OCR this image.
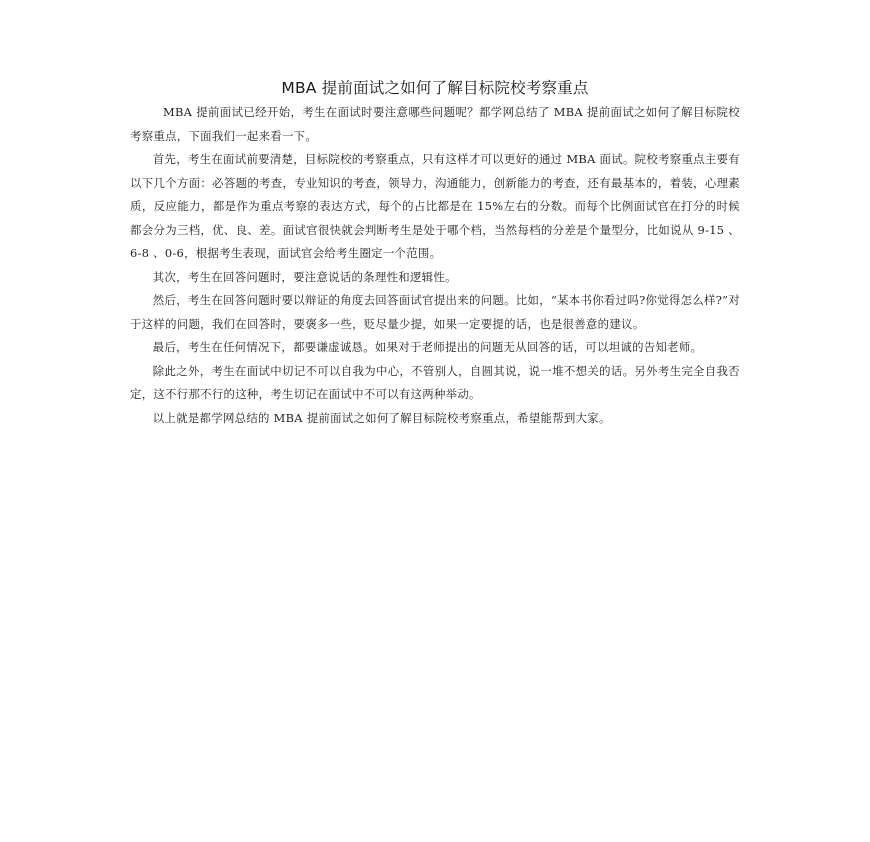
MBA 提前面试之如何了解目标院校考察重点

MBA 提前面试已经开始，考生在面试时要注意哪些问题呢？都学网总结了 MBA 提前面试之如何了解目标院校考察重点，下面我们一起来看一下。

首先，考生在面试前要清楚，目标院校的考察重点，只有这样才可以更好的通过 MBA 面试。院校考察重点主要有以下几个方面：必答题的考查，专业知识的考查，领导力，沟通能力，创新能力的考查，还有最基本的，着装，心理素质，反应能力，都是作为重点考察的表达方式，每个的占比都是在 15%左右的分数。而每个比例面试官在打分的时候都会分为三档，优、良、差。面试官很快就会判断考生是处于哪个档，当然每档的分差是个量型分，比如说从 9-15 、6-8 、0-6，根据考生表现，面试官会给考生圈定一个范围。

其次，考生在回答问题时，要注意说话的条理性和逻辑性。

然后，考生在回答问题时要以辩证的角度去回答面试官提出来的问题。比如，“某本书你看过吗?你觉得怎么样?”对于这样的问题，我们在回答时，要褒多一些，贬尽量少提，如果一定要提的话，也是很善意的建议。

最后，考生在任何情况下，都要谦虚诚恳。如果对于老师提出的问题无从回答的话，可以坦诚的告知老师。

除此之外，考生在面试中切记不可以自我为中心，不管别人，自圆其说，说一堆不想关的话。另外考生完全自我否定，这不行那不行的这种，考生切记在面试中不可以有这两种举动。

以上就是都学网总结的 MBA 提前面试之如何了解目标院校考察重点，希望能帮到大家。
